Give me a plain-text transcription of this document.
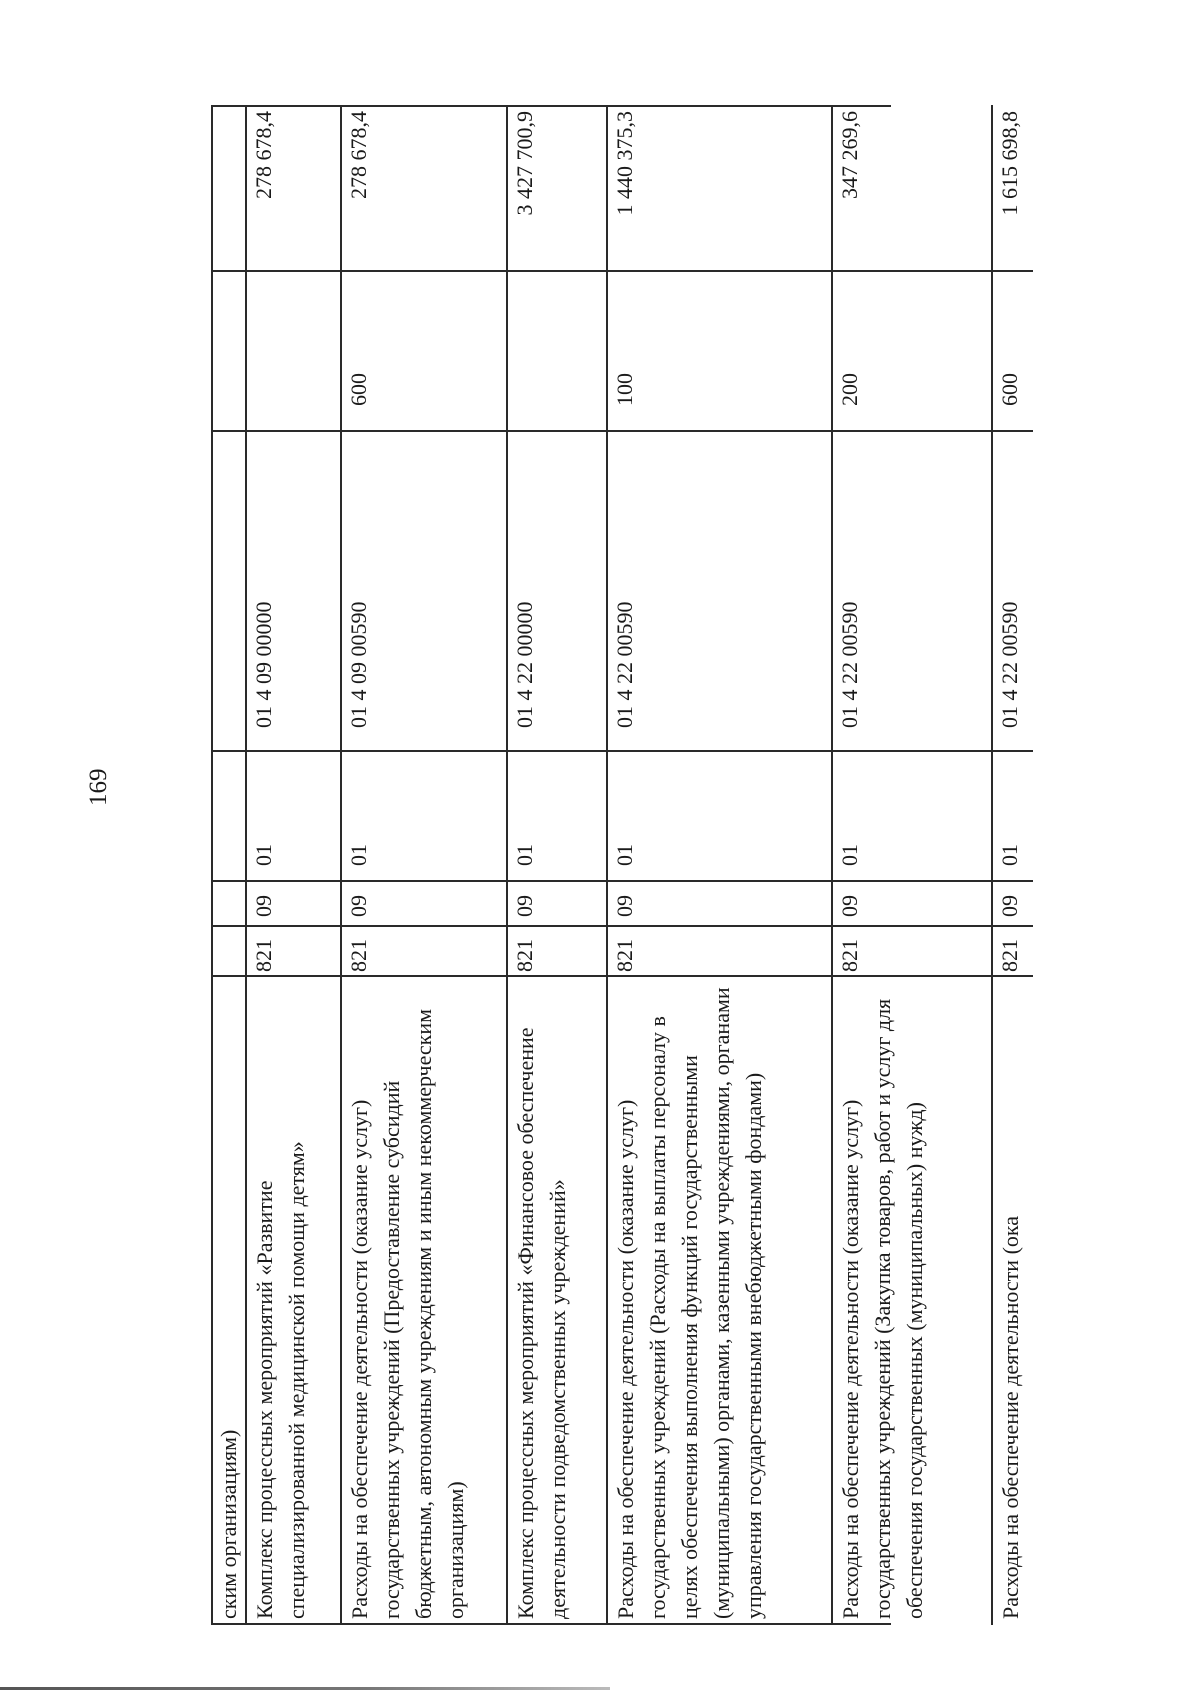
169
ским организациям) Комплекс процессных мероприятий «Развитие специализированной медицинской помощи детям»
821
09
01
01 4 09 00000
278 678,4
Расходы на обеспечение деятельности (оказание услуг) государственных учреждений (Предоставление субсидий бюджетным, автономным учреждениям и иным некоммерческим организациям)
821
09
01
01 4 09 00590
600
278 678,4
Комплекс процессных мероприятий «Финансовое обеспечение деятельности подведомственных учреждений»
821
09
01
01 4 22 00000
3 427 700,9
Расходы на обеспечение деятельности (оказание услуг) государственных учреждений (Расходы на выплаты персоналу в целях обеспечения выполнения функций государственными (муниципальными) органами, казенными учреждениями, органами управления государственными внебюджетными фондами)
821
09
01
01 4 22 00590
100
1 440 375,3
Расходы на обеспечение деятельности (оказание услуг) государственных учреждений (Закупка товаров, работ и услуг для обеспечения государственных (муниципальных) нужд)
821
09
01
01 4 22 00590
200
347 269,6
Расходы на обеспечение деятельности (ока
821
09
01
01 4 22 00590
600
1 615 698,8
